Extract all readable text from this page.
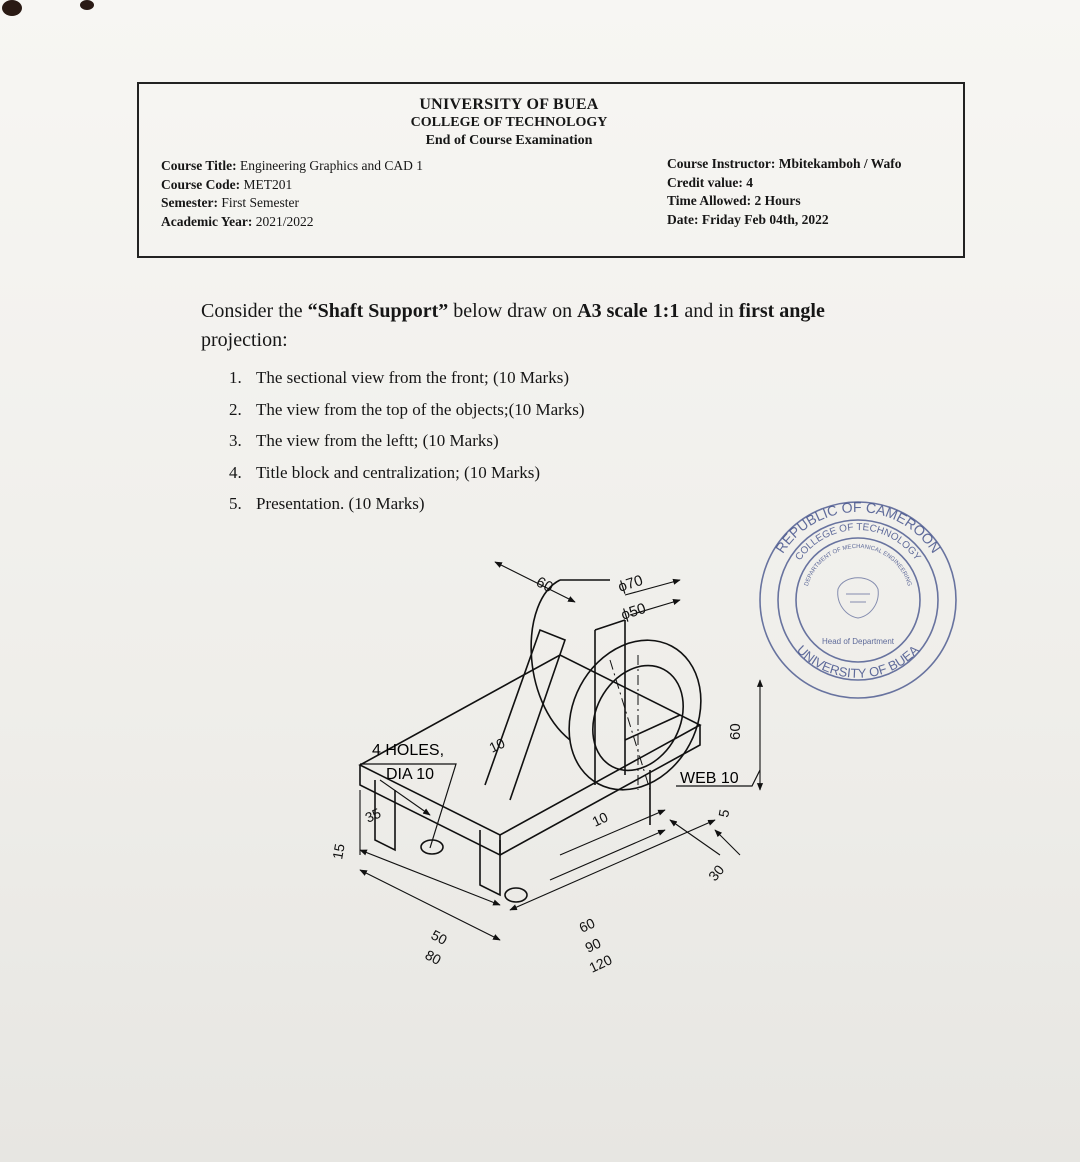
UNIVERSITY OF BUEA
COLLEGE OF TECHNOLOGY
End of Course Examination
Course Title: Engineering Graphics and CAD 1
Course Code: MET201
Semester: First Semester
Academic Year: 2021/2022
Course Instructor: Mbitekamboh / Wafo
Credit value: 4
Time Allowed: 2 Hours
Date: Friday Feb 04th, 2022
Consider the “Shaft Support” below draw on A3 scale 1:1 and in first angle
projection:
1. The sectional view from the front; (10 Marks)
2. The view from the top of the objects;(10 Marks)
3. The view from the leftt; (10 Marks)
4. Title block and centralization; (10 Marks)
5. Presentation. (10 Marks)
60	ϕ70
ϕ50
10
60
5
10
35
15
30
50
80
60
90
120
4 HOLES,
DIA 10	WEB 10
REPUBLIC OF CAMEROON
UNIVERSITY OF BUEA
COLLEGE OF TECHNOLOGY
DEPARTMENT OF MECHANICAL ENGINEERING
Head of Department
